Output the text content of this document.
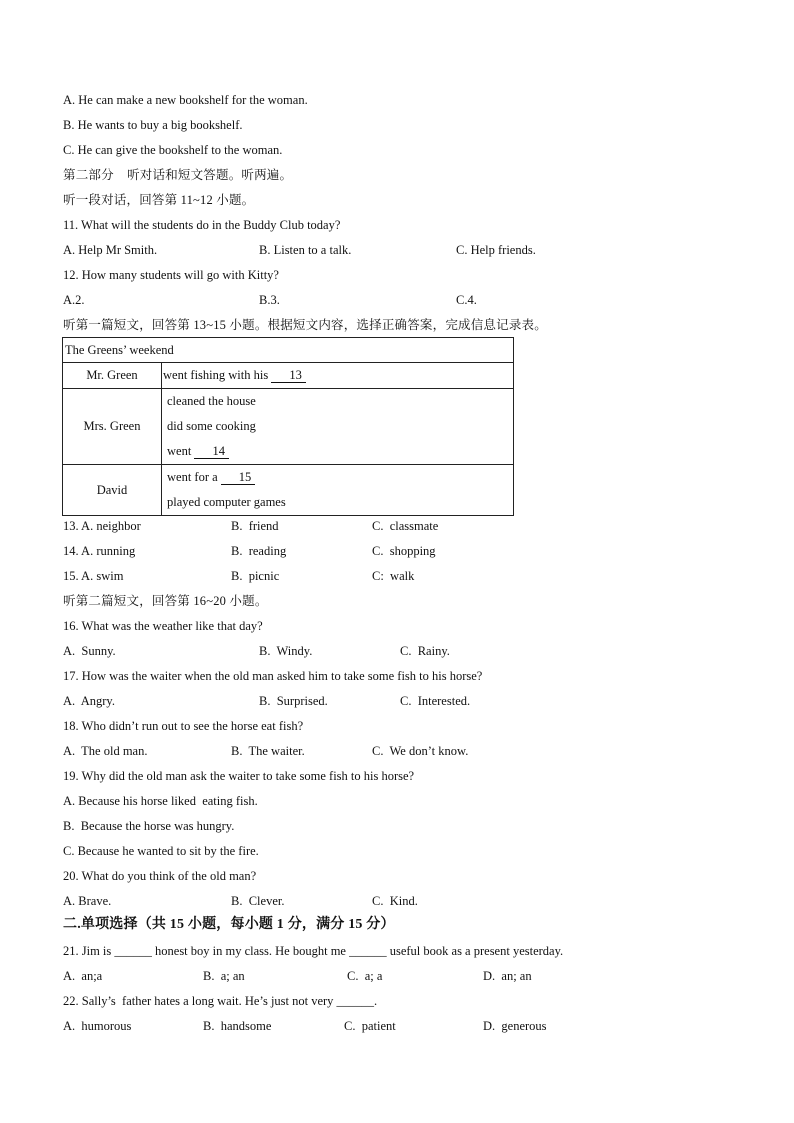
A. He can make a new bookshelf for the woman.
B. He wants to buy a big bookshelf.
C. He can give the bookshelf to the woman.
第二部分    听对话和短文答题。听两遍。
听一段对话，回答第 11~12 小题。
11. What will the students do in the Buddy Club today?
A. Help Mr Smith.	B. Listen to a talk.	C. Help friends.
12. How many students will go with Kitty?
A.2.	B.3.	C.4.
听第一篇短文，回答第 13~15 小题。根据短文内容，选择正确答案，完成信息记录表。
The Greens’ weekend	
Mr. Green	went fishing with his 13
Mrs. Green	cleaned the house
did some cooking
went 14

David	went for a 15
played computer games
13. A. neighbor	B.  friend	C.  classmate
14. A. running	B.  reading	C.  shopping
15. A. swim	B.  picnic	C:  walk
听第二篇短文，回答第 16~20 小题。
16. What was the weather like that day?
A.  Sunny.	B.  Windy.	C.  Rainy.
17. How was the waiter when the old man asked him to take some fish to his horse?
A.  Angry.	B.  Surprised.	C.  Interested.
18. Who didn’t run out to see the horse eat fish?
A.  The old man.	B.  The waiter.	C.  We don’t know.
19. Why did the old man ask the waiter to take some fish to his horse?
A. Because his horse liked  eating fish.
B.  Because the horse was hungry.
C. Because he wanted to sit by the fire.
20. What do you think of the old man?
A. Brave.	B.  Clever.	C.  Kind.
二.单项选择（共 15 小题，每小题 1 分，满分 15 分）
21. Jim is ______ honest boy in my class. He bought me ______ useful book as a present yesterday.
A.  an;a	B.  a; an	C.  a; a	D.  an; an
22. Sally’s  father hates a long wait. He’s just not very ______.
A.  humorous	B.  handsome	C.  patient	D.  generous
